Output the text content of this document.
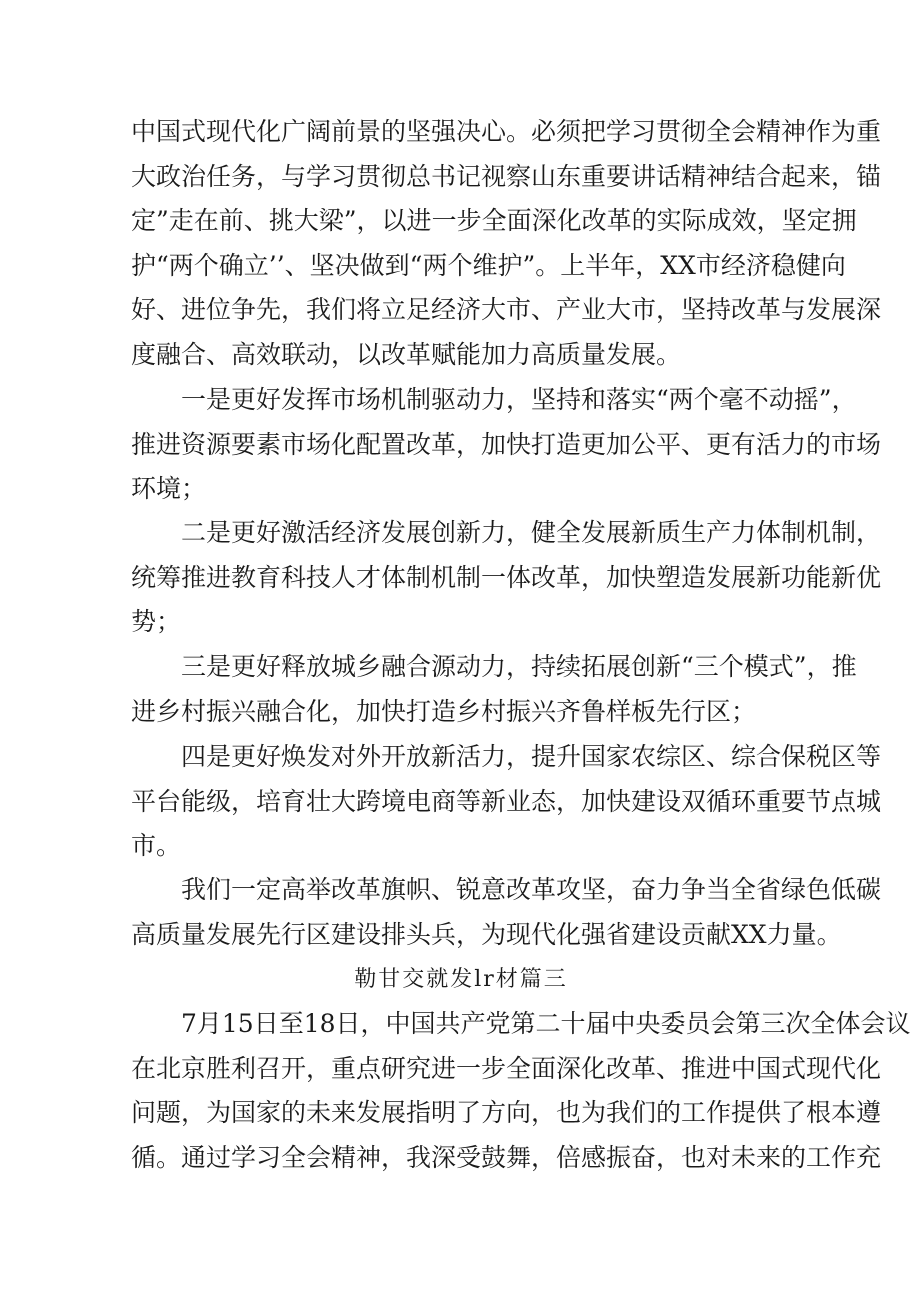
中国式现代化广阔前景的坚强决心。必须把学习贯彻全会精神作为重
大政治任务，与学习贯彻总书记视察山东重要讲话精神结合起来，锚
定”走在前、挑大梁”，以进一步全面深化改革的实际成效，坚定拥
护“两个确立’’、坚决做到“两个维护”。上半年，XX市经济稳健向
好、进位争先，我们将立足经济大市、产业大市，坚持改革与发展深
度融合、高效联动，以改革赋能加力高质量发展。
一是更好发挥市场机制驱动力，坚持和落实“两个毫不动摇”，
推进资源要素市场化配置改革，加快打造更加公平、更有活力的市场
环境；
二是更好激活经济发展创新力，健全发展新质生产力体制机制，
统筹推进教育科技人才体制机制一体改革，加快塑造发展新功能新优
势；
三是更好释放城乡融合源动力，持续拓展创新“三个模式”，推
进乡村振兴融合化，加快打造乡村振兴齐鲁样板先行区；
四是更好焕发对外开放新活力，提升国家农综区、综合保税区等
平台能级，培育壮大跨境电商等新业态，加快建设双循环重要节点城
市。
我们一定高举改革旗帜、锐意改革攻坚，奋力争当全省绿色低碳
高质量发展先行区建设排头兵，为现代化强省建设贡献XX力量。
勒甘交就发lr材篇三
7月15日至18日，中国共产党第二十届中央委员会第三次全体会议
在北京胜利召开，重点研究进一步全面深化改革、推进中国式现代化
问题，为国家的未来发展指明了方向，也为我们的工作提供了根本遵
循。通过学习全会精神，我深受鼓舞，倍感振奋，也对未来的工作充
